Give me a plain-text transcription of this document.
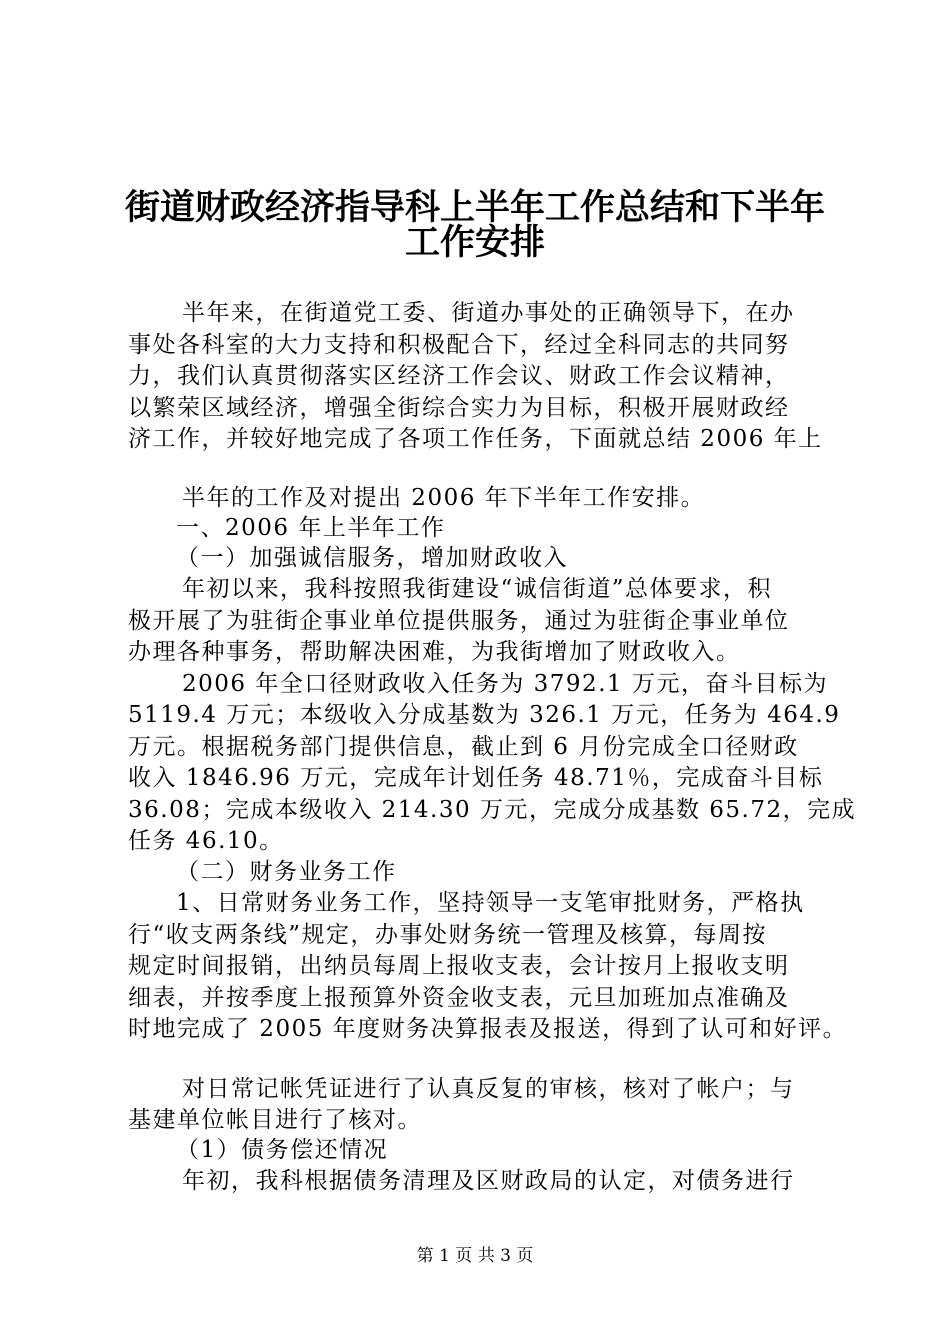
街道财政经济指导科上半年工作总结和下半年
工作安排
半年来，在街道党工委、街道办事处的正确领导下，在办
事处各科室的大力支持和积极配合下，经过全科同志的共同努
力，我们认真贯彻落实区经济工作会议、财政工作会议精神，
以繁荣区域经济，增强全街综合实力为目标，积极开展财政经
济工作，并较好地完成了各项工作任务，下面就总结 2006 年上
半年的工作及对提出 2006 年下半年工作安排。
一、2006 年上半年工作
（一）加强诚信服务，增加财政收入
年初以来，我科按照我街建设“诚信街道”总体要求，积
极开展了为驻街企事业单位提供服务，通过为驻街企事业单位
办理各种事务，帮助解决困难，为我街增加了财政收入。
2006 年全口径财政收入任务为 3792.1 万元，奋斗目标为
5119.4 万元；本级收入分成基数为 326.1 万元，任务为 464.9
万元。根据税务部门提供信息，截止到 6 月份完成全口径财政
收入 1846.96 万元，完成年计划任务 48.71％，完成奋斗目标
36.08；完成本级收入 214.30 万元，完成分成基数 65.72，完成
任务 46.10。
（二）财务业务工作
1、日常财务业务工作，坚持领导一支笔审批财务，严格执
行“收支两条线”规定，办事处财务统一管理及核算，每周按
规定时间报销，出纳员每周上报收支表，会计按月上报收支明
细表，并按季度上报预算外资金收支表，元旦加班加点准确及
时地完成了 2005 年度财务决算报表及报送，得到了认可和好评。
对日常记帐凭证进行了认真反复的审核，核对了帐户；与
基建单位帐目进行了核对。
（1）债务偿还情况
年初，我科根据债务清理及区财政局的认定，对债务进行
第 1 页 共 3 页
